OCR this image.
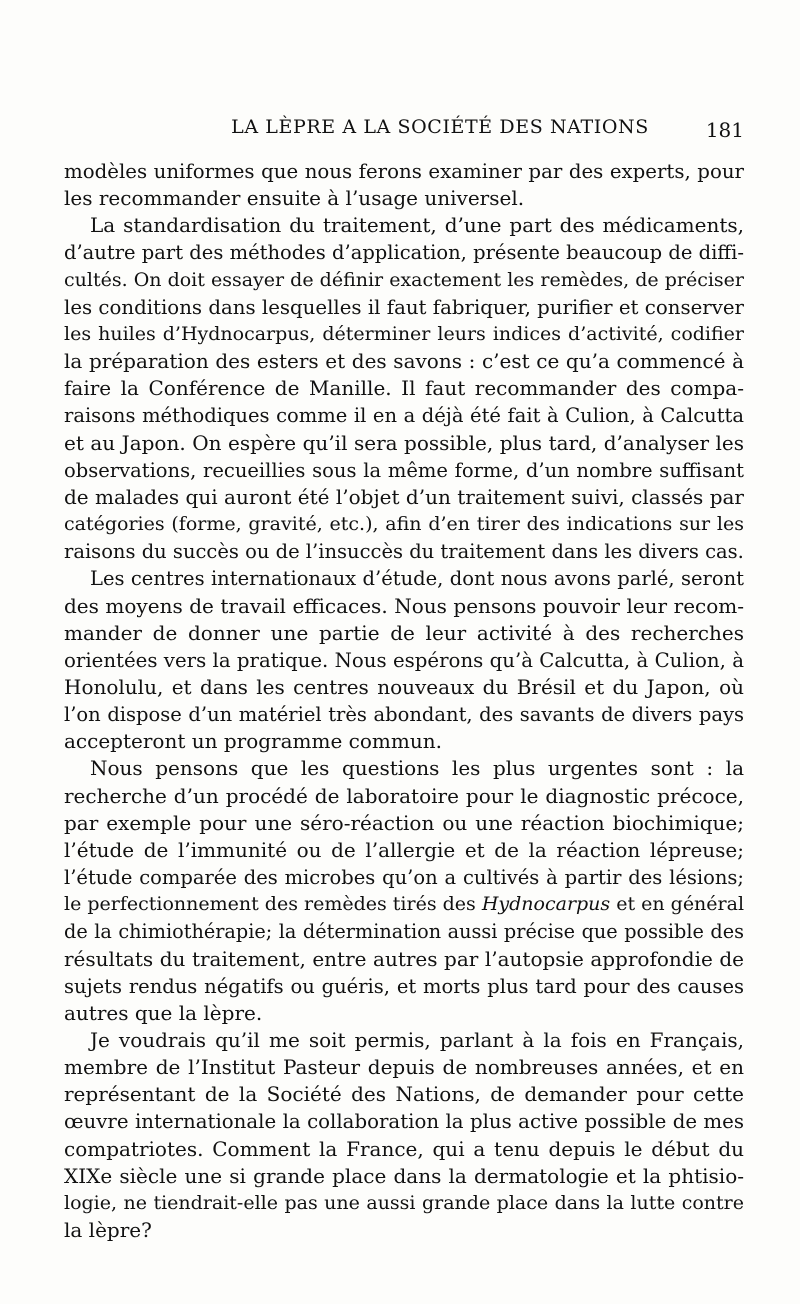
LA LÈPRE A LA SOCIÉTÉ DES NATIONS	181

modèles uniformes que nous ferons examiner par des experts, pour
les recommander ensuite à l’usage universel.

La standardisation du traitement, d’une part des médicaments,
d’autre part des méthodes d’application, présente beaucoup de diffi-
cultés. On doit essayer de définir exactement les remèdes, de préciser
les conditions dans lesquelles il faut fabriquer, purifier et conserver
les huiles d’Hydnocarpus, déterminer leurs indices d’activité, codifier
la préparation des esters et des savons : c’est ce qu’a commencé à
faire la Conférence de Manille. Il faut recommander des compa-
raisons méthodiques comme il en a déjà été fait à Culion, à Calcutta
et au Japon. On espère qu’il sera possible, plus tard, d’analyser les
observations, recueillies sous la même forme, d’un nombre suffisant
de malades qui auront été l’objet d’un traitement suivi, classés par
catégories (forme, gravité, etc.), afin d’en tirer des indications sur les
raisons du succès ou de l’insuccès du traitement dans les divers cas.

Les centres internationaux d’étude, dont nous avons parlé, seront
des moyens de travail efficaces. Nous pensons pouvoir leur recom-
mander de donner une partie de leur activité à des recherches
orientées vers la pratique. Nous espérons qu’à Calcutta, à Culion, à
Honolulu, et dans les centres nouveaux du Brésil et du Japon, où
l’on dispose d’un matériel très abondant, des savants de divers pays
accepteront un programme commun.

Nous pensons que les questions les plus urgentes sont : la
recherche d’un procédé de laboratoire pour le diagnostic précoce,
par exemple pour une séro-réaction ou une réaction biochimique;
l’étude de l’immunité ou de l’allergie et de la réaction lépreuse;
l’étude comparée des microbes qu’on a cultivés à partir des lésions;
le perfectionnement des remèdes tirés des Hydnocarpus et en général
de la chimiothérapie; la détermination aussi précise que possible des
résultats du traitement, entre autres par l’autopsie approfondie de
sujets rendus négatifs ou guéris, et morts plus tard pour des causes
autres que la lèpre.

Je voudrais qu’il me soit permis, parlant à la fois en Français,
membre de l’Institut Pasteur depuis de nombreuses années, et en
représentant de la Société des Nations, de demander pour cette
œuvre internationale la collaboration la plus active possible de mes
compatriotes. Comment la France, qui a tenu depuis le début du
XIXe siècle une si grande place dans la dermatologie et la phtisio-
logie, ne tiendrait-elle pas une aussi grande place dans la lutte contre
la lèpre?
